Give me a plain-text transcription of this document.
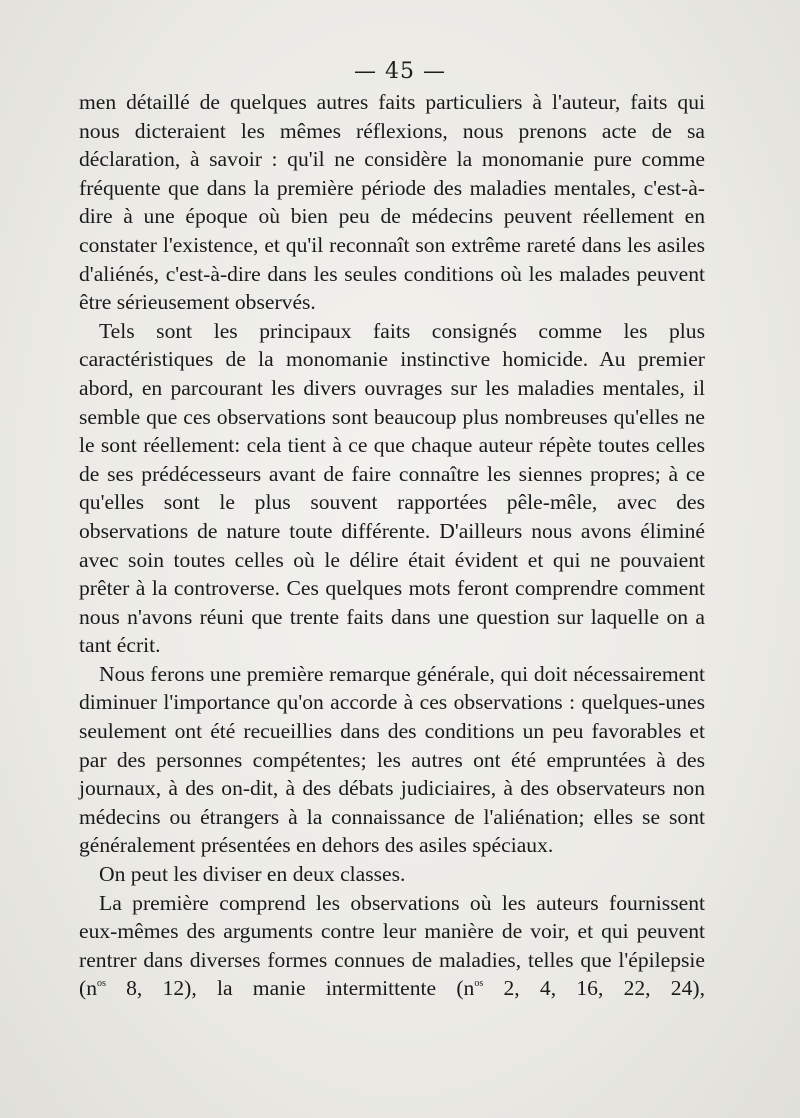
— 45 —

men détaillé de quelques autres faits particuliers à l'auteur, faits qui nous dicteraient les mêmes réflexions, nous prenons acte de sa déclaration, à savoir : qu'il ne considère la monomanie pure comme fréquente que dans la première période des maladies mentales, c'est-à-dire à une époque où bien peu de médecins peuvent réellement en constater l'existence, et qu'il reconnaît son extrême rareté dans les asiles d'aliénés, c'est-à-dire dans les seules conditions où les malades peuvent être sérieusement observés.

Tels sont les principaux faits consignés comme les plus caractéristiques de la monomanie instinctive homicide. Au premier abord, en parcourant les divers ouvrages sur les maladies mentales, il semble que ces observations sont beaucoup plus nombreuses qu'elles ne le sont réellement: cela tient à ce que chaque auteur répète toutes celles de ses prédécesseurs avant de faire connaître les siennes propres; à ce qu'elles sont le plus souvent rapportées pêle-mêle, avec des observations de nature toute différente. D'ailleurs nous avons éliminé avec soin toutes celles où le délire était évident et qui ne pouvaient prêter à la controverse. Ces quelques mots feront comprendre comment nous n'avons réuni que trente faits dans une question sur laquelle on a tant écrit.

Nous ferons une première remarque générale, qui doit nécessairement diminuer l'importance qu'on accorde à ces observations : quelques-unes seulement ont été recueillies dans des conditions un peu favorables et par des personnes compétentes; les autres ont été empruntées à des journaux, à des on-dit, à des débats judiciaires, à des observateurs non médecins ou étrangers à la connaissance de l'aliénation; elles se sont généralement présentées en dehors des asiles spéciaux.

On peut les diviser en deux classes.

La première comprend les observations où les auteurs fournissent eux-mêmes des arguments contre leur manière de voir, et qui peuvent rentrer dans diverses formes connues de maladies, telles que l'épilepsie ($n^{os}$ 8, 12), la manie intermittente ($n^{os}$ 2, 4, 16, 22, 24),
